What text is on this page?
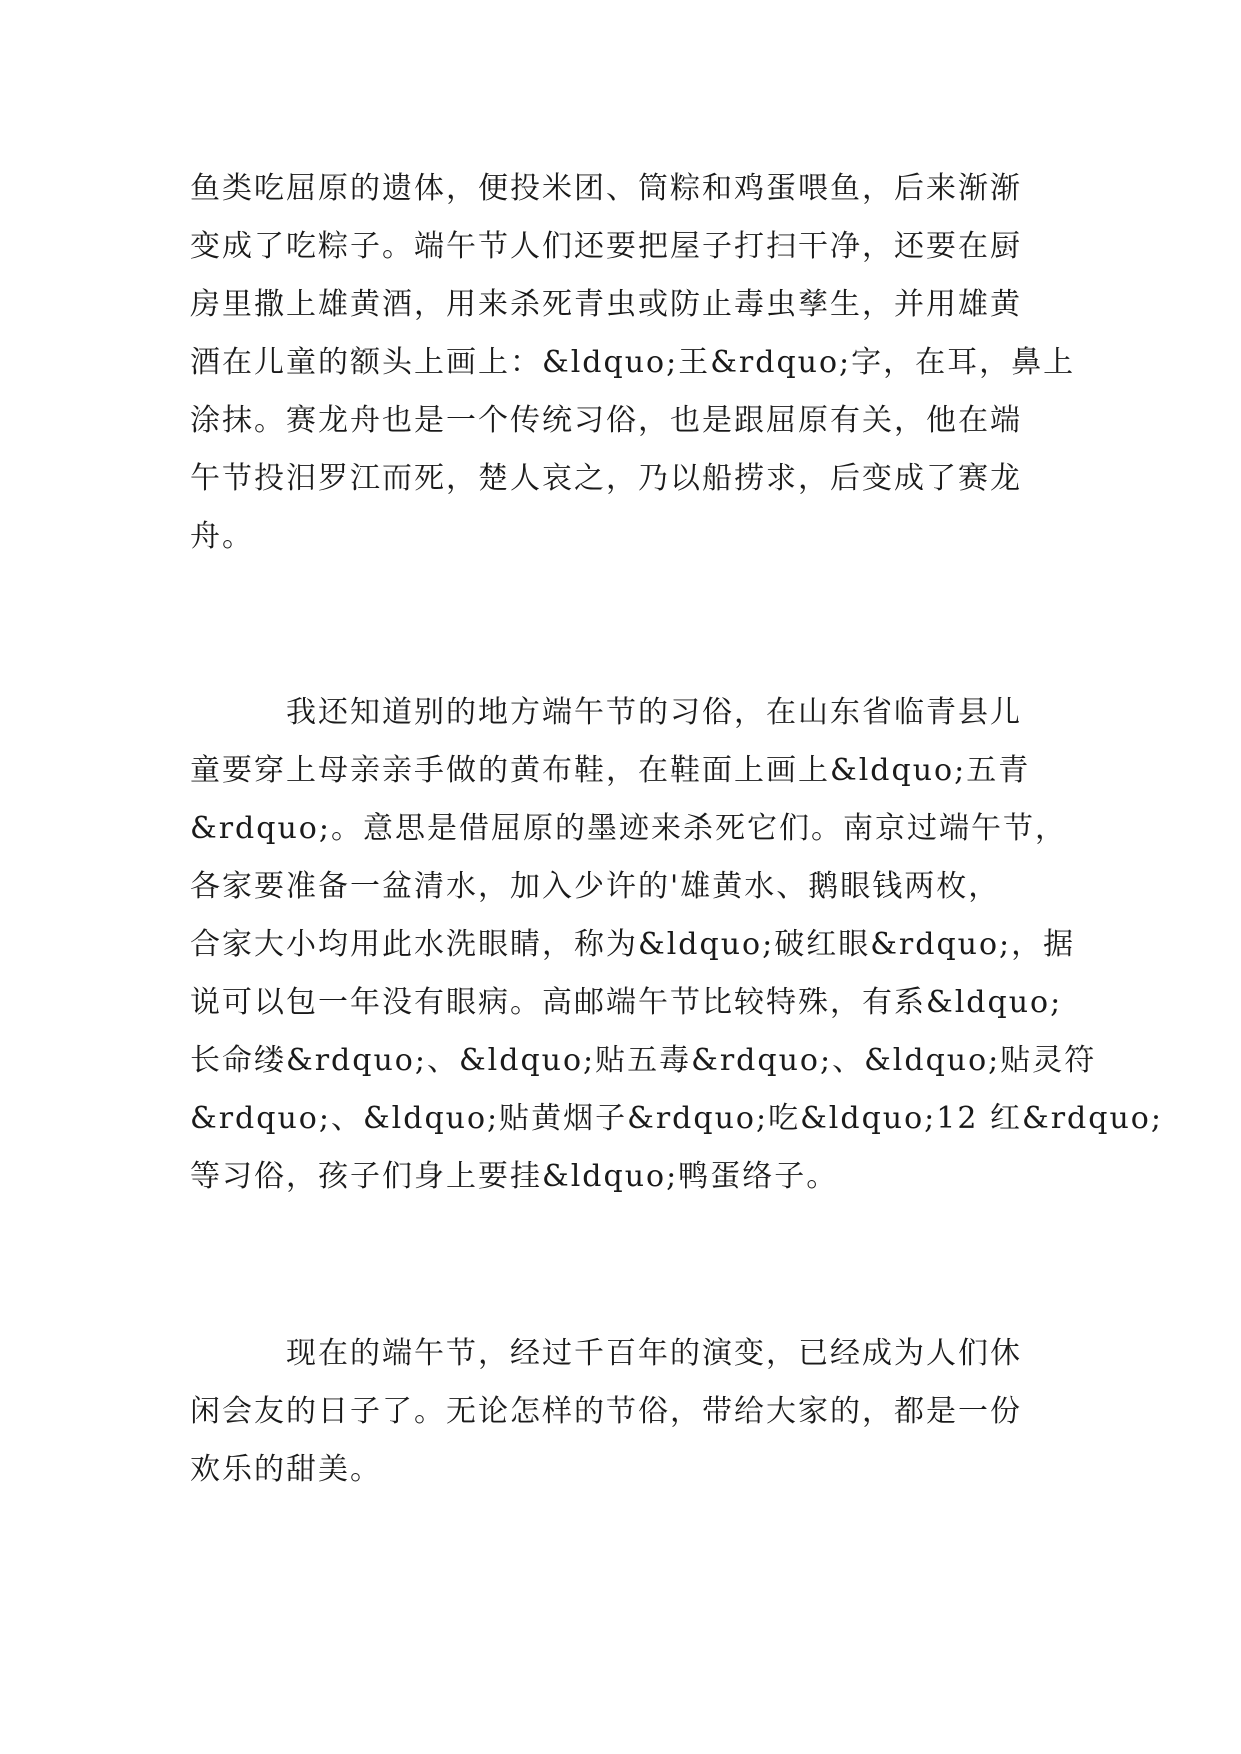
鱼类吃屈原的遗体，便投米团、筒粽和鸡蛋喂鱼，后来渐渐
变成了吃粽子。端午节人们还要把屋子打扫干净，还要在厨
房里撒上雄黄酒，用来杀死青虫或防止毒虫孳生，并用雄黄
酒在儿童的额头上画上：&ldquo;王&rdquo;字，在耳，鼻上
涂抹。赛龙舟也是一个传统习俗，也是跟屈原有关，他在端
午节投汨罗江而死，楚人哀之，乃以船捞求，后变成了赛龙
舟。
　　　我还知道别的地方端午节的习俗，在山东省临青县儿
童要穿上母亲亲手做的黄布鞋，在鞋面上画上&ldquo;五青
&rdquo;。意思是借屈原的墨迹来杀死它们。南京过端午节，
各家要准备一盆清水，加入少许的'雄黄水、鹅眼钱两枚，
合家大小均用此水洗眼睛，称为&ldquo;破红眼&rdquo;，据
说可以包一年没有眼病。高邮端午节比较特殊，有系&ldquo;
长命缕&rdquo;、&ldquo;贴五毒&rdquo;、&ldquo;贴灵符
&rdquo;、&ldquo;贴黄烟子&rdquo;吃&ldquo;12 红&rdquo;
等习俗，孩子们身上要挂&ldquo;鸭蛋络子。
　　　现在的端午节，经过千百年的演变，已经成为人们休
闲会友的日子了。无论怎样的节俗，带给大家的，都是一份
欢乐的甜美。
